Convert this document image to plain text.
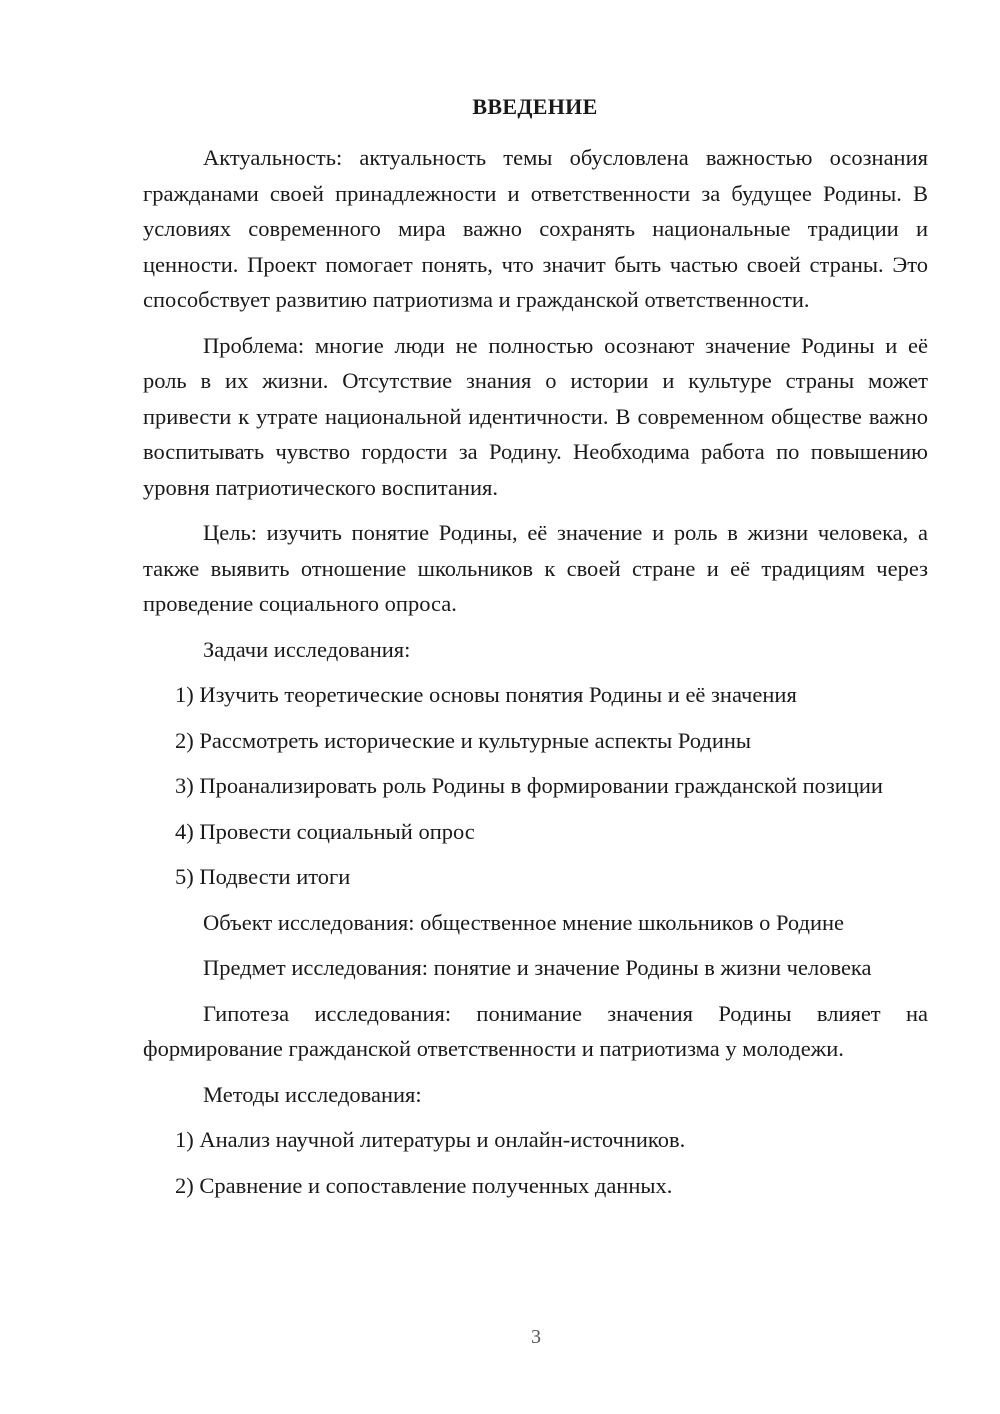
ВВЕДЕНИЕ

Актуальность: актуальность темы обусловлена важностью осознания гражданами своей принадлежности и ответственности за будущее Родины. В условиях современного мира важно сохранять национальные традиции и ценности. Проект помогает понять, что значит быть частью своей страны. Это способствует развитию патриотизма и гражданской ответственности.

Проблема: многие люди не полностью осознают значение Родины и её роль в их жизни. Отсутствие знания о истории и культуре страны может привести к утрате национальной идентичности. В современном обществе важно воспитывать чувство гордости за Родину. Необходима работа по повышению уровня патриотического воспитания.

Цель: изучить понятие Родины, её значение и роль в жизни человека, а также выявить отношение школьников к своей стране и её традициям через проведение социального опроса.

Задачи исследования:

1) Изучить теоретические основы понятия Родины и её значения

2) Рассмотреть исторические и культурные аспекты Родины

3) Проанализировать роль Родины в формировании гражданской позиции

4) Провести социальный опрос

5) Подвести итоги

Объект исследования: общественное мнение школьников о Родине

Предмет исследования: понятие и значение Родины в жизни человека

Гипотеза исследования: понимание значения Родины влияет на формирование гражданской ответственности и патриотизма у молодежи.

Методы исследования:

1) Анализ научной литературы и онлайн-источников.

2) Сравнение и сопоставление полученных данных.

3
